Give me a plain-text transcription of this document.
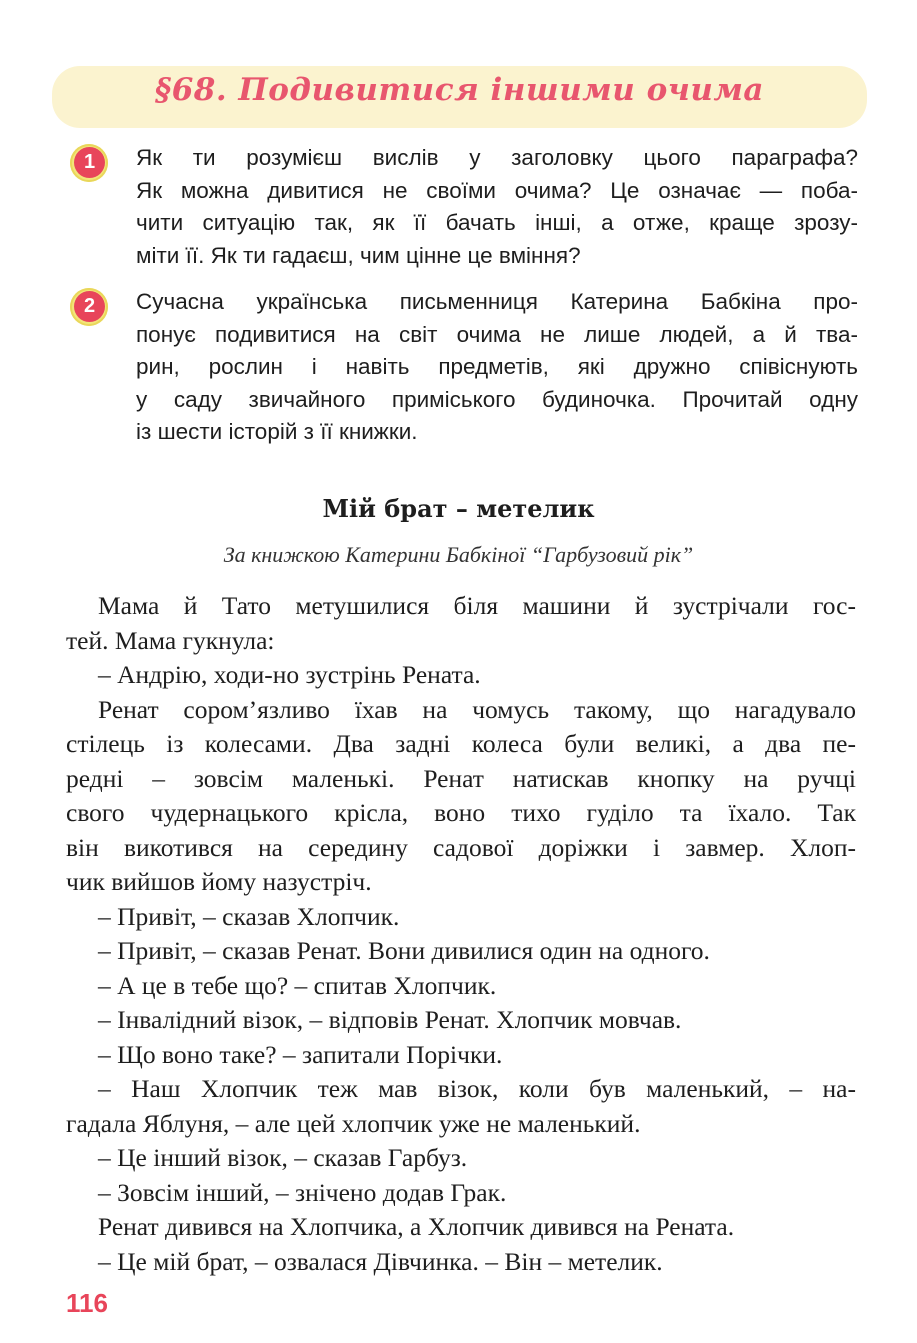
§68. Подивитися іншими очима
1	Як ти розумієш вислів у заголовку цього параграфа?
Як можна дивитися не своїми очима? Це означає — поба-
чити ситуацію так, як її бачать інші, а отже, краще зрозу-
міти її. Як ти гадаєш, чим цінне це вміння?
2	Сучасна українська письменниця Катерина Бабкіна про-
понує подивитися на світ очима не лише людей, а й тва-
рин, рослин і навіть предметів, які дружно співіснують
у саду звичайного приміського будиночка. Прочитай одну
із шести історій з її книжки.
Мій брат – метелик
За книжкою Катерини Бабкіної “Гарбузовий рік”
Мама й Тато метушилися біля машини й зустрічали гос-
тей. Мама гукнула:
– Андрію, ходи-но зустрінь Рената.
Ренат сором’язливо їхав на чомусь такому, що нагадувало
стілець із колесами. Два задні колеса були великі, а два пе-
редні – зовсім маленькі. Ренат натискав кнопку на ручці
свого чудернацького крісла, воно тихо гуділо та їхало. Так
він викотився на середину садової доріжки і завмер. Хлоп-
чик вийшов йому назустріч.
– Привіт, – сказав Хлопчик.
– Привіт, – сказав Ренат. Вони дивилися один на одного.
– А це в тебе що? – спитав Хлопчик.
– Інвалідний візок, – відповів Ренат. Хлопчик мовчав.
– Що воно таке? – запитали Порічки.
– Наш Хлопчик теж мав візок, коли був маленький, – на-
гадала Яблуня, – але цей хлопчик уже не маленький.
– Це інший візок, – сказав Гарбуз.
– Зовсім інший, – знічено додав Грак.
Ренат дивився на Хлопчика, а Хлопчик дивився на Рената.
– Це мій брат, – озвалася Дівчинка. – Він – метелик.
116
